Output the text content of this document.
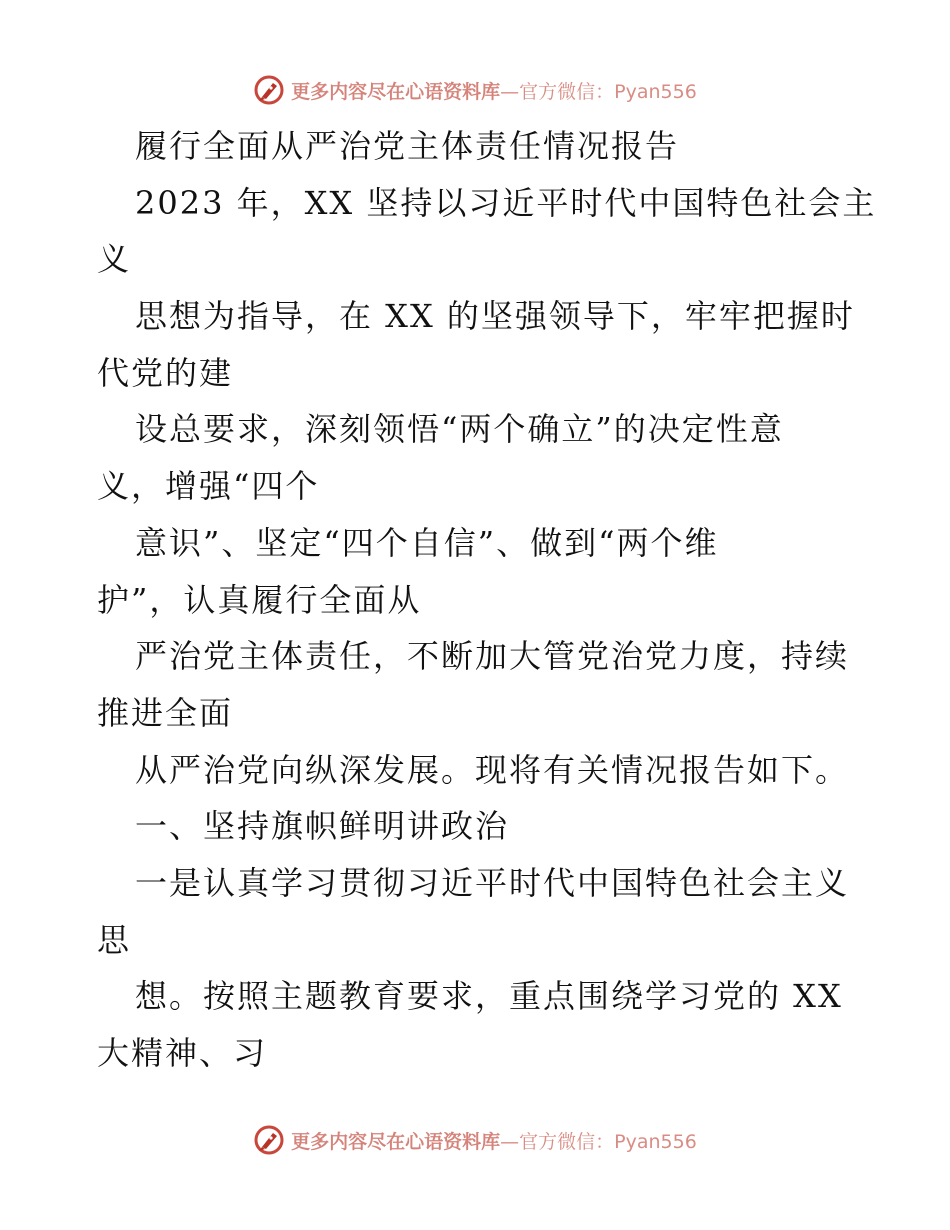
更多内容尽在心语资料库—官方微信：Pyan556
履行全面从严治党主体责任情况报告
2023 年，XX 坚持以习近平时代中国特色社会主
义
思想为指导，在 XX 的坚强领导下，牢牢把握时
代党的建
设总要求，深刻领悟“两个确立”的决定性意
义，增强“四个
意识”、坚定“四个自信”、做到“两个维
护”，认真履行全面从
严治党主体责任，不断加大管党治党力度，持续
推进全面
从严治党向纵深发展。现将有关情况报告如下。
一、坚持旗帜鲜明讲政治
一是认真学习贯彻习近平时代中国特色社会主义
思
想。按照主题教育要求，重点围绕学习党的 XX
大精神、习
更多内容尽在心语资料库—官方微信：Pyan556
